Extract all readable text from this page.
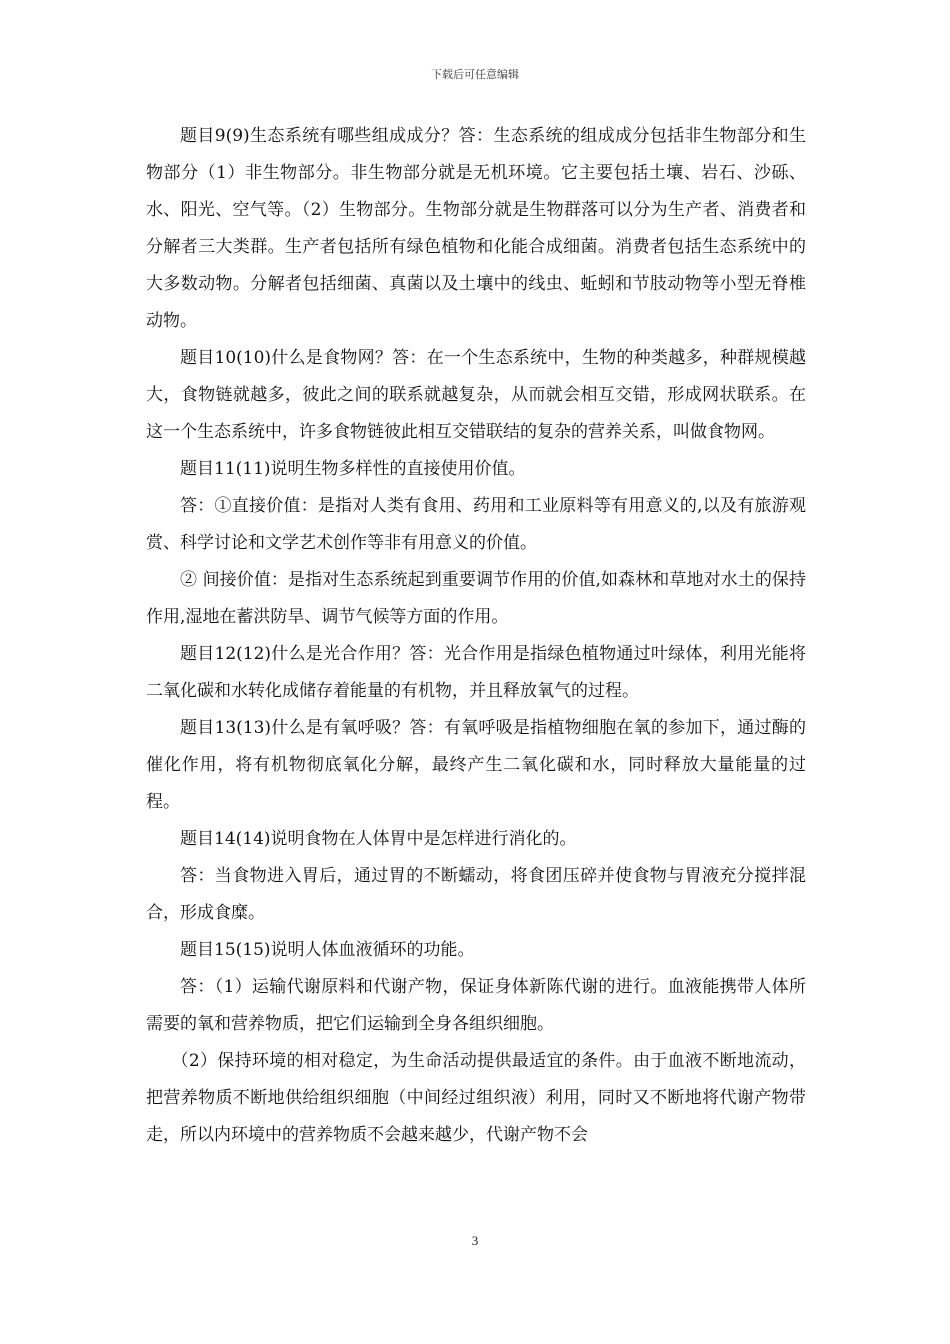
下载后可任意编辑

题目9(9)生态系统有哪些组成成分？答：生态系统的组成成分包括非生物部分和生物部分（1）非生物部分。非生物部分就是无机环境。它主要包括土壤、岩石、沙砾、水、阳光、空气等。（2）生物部分。生物部分就是生物群落可以分为生产者、消费者和分解者三大类群。生产者包括所有绿色植物和化能合成细菌。消费者包括生态系统中的大多数动物。分解者包括细菌、真菌以及土壤中的线虫、蚯蚓和节肢动物等小型无脊椎动物。

题目10(10)什么是食物网？答：在一个生态系统中，生物的种类越多，种群规模越大，食物链就越多，彼此之间的联系就越复杂，从而就会相互交错，形成网状联系。在这一个生态系统中，许多食物链彼此相互交错联结的复杂的营养关系，叫做食物网。

题目11(11)说明生物多样性的直接使用价值。

答：①直接价值：是指对人类有食用、药用和工业原料等有用意义的,以及有旅游观赏、科学讨论和文学艺术创作等非有用意义的价值。

② 间接价值：是指对生态系统起到重要调节作用的价值,如森林和草地对水土的保持作用,湿地在蓄洪防旱、调节气候等方面的作用。

题目12(12)什么是光合作用？答：光合作用是指绿色植物通过叶绿体，利用光能将二氧化碳和水转化成储存着能量的有机物，并且释放氧气的过程。

题目13(13)什么是有氧呼吸？答：有氧呼吸是指植物细胞在氧的参加下，通过酶的催化作用，将有机物彻底氧化分解，最终产生二氧化碳和水，同时释放大量能量的过程。

题目14(14)说明食物在人体胃中是怎样进行消化的。

答：当食物进入胃后，通过胃的不断蠕动，将食团压碎并使食物与胃液充分搅拌混合，形成食糜。

题目15(15)说明人体血液循环的功能。

答：（1）运输代谢原料和代谢产物，保证身体新陈代谢的进行。血液能携带人体所需要的氧和营养物质，把它们运输到全身各组织细胞。

（2）保持环境的相对稳定，为生命活动提供最适宜的条件。由于血液不断地流动，把营养物质不断地供给组织细胞（中间经过组织液）利用，同时又不断地将代谢产物带走，所以内环境中的营养物质不会越来越少，代谢产物不会

3
